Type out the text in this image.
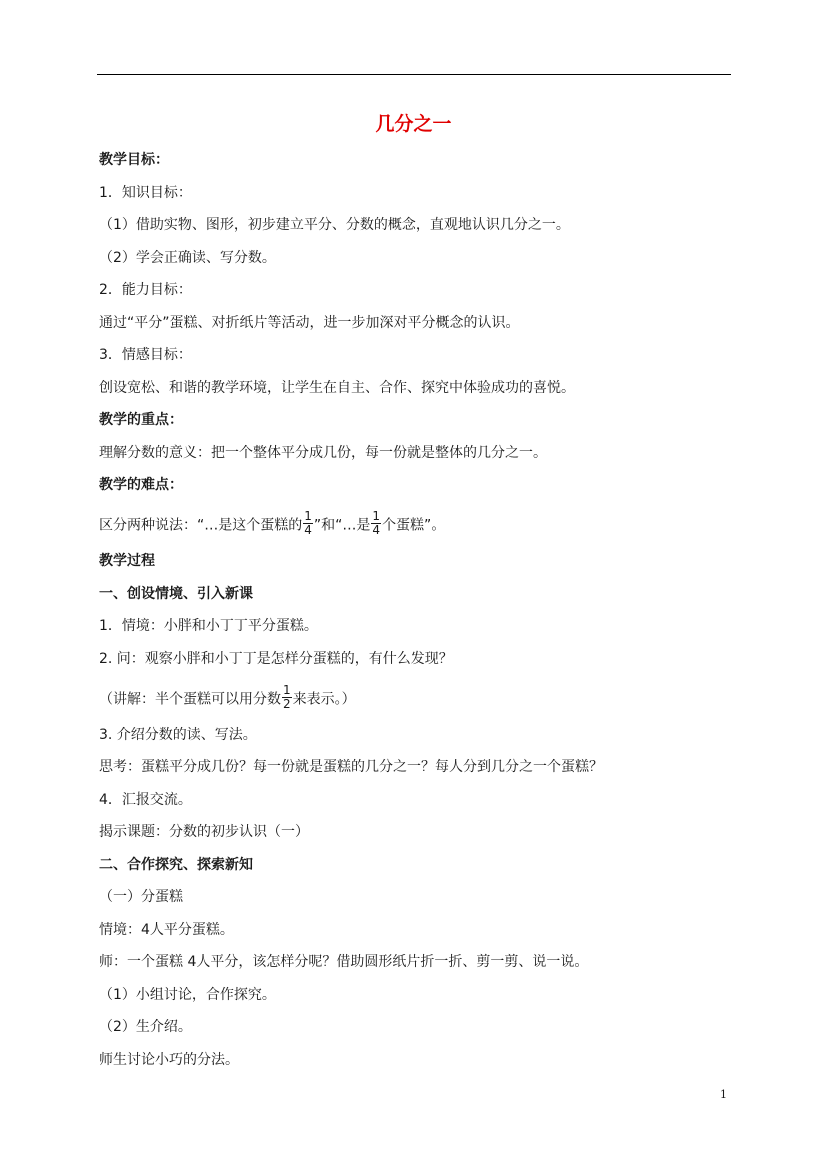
几分之一
教学目标：
1．知识目标：
（1）借助实物、图形，初步建立平分、分数的概念，直观地认识几分之一。
（2）学会正确读、写分数。
2．能力目标：
通过“平分”蛋糕、对折纸片等活动，进一步加深对平分概念的认识。
3．情感目标：
创设宽松、和谐的教学环境，让学生在自主、合作、探究中体验成功的喜悦。
教学的重点：
理解分数的意义：把一个整体平分成几份，每一份就是整体的几分之一。
教学的难点：
区分两种说法：“…是这个蛋糕的 $\frac{1}{4}$ ”和“…是 $\frac{1}{4}$ 个蛋糕”。
教学过程
一、创设情境、引入新课
1．情境：小胖和小丁丁平分蛋糕。
2. 问：观察小胖和小丁丁是怎样分蛋糕的，有什么发现？
（讲解：半个蛋糕可以用分数 $\frac{1}{2}$ 来表示。）
3. 介绍分数的读、写法。
思考：蛋糕平分成几份？每一份就是蛋糕的几分之一？每人分到几分之一个蛋糕？
4．汇报交流。
揭示课题：分数的初步认识（一）
二、合作探究、探索新知
（一）分蛋糕
情境：4人平分蛋糕。
师：一个蛋糕 4人平分，该怎样分呢？借助圆形纸片折一折、剪一剪、说一说。
（1）小组讨论，合作探究。
（2）生介绍。
师生讨论小巧的分法。
1
